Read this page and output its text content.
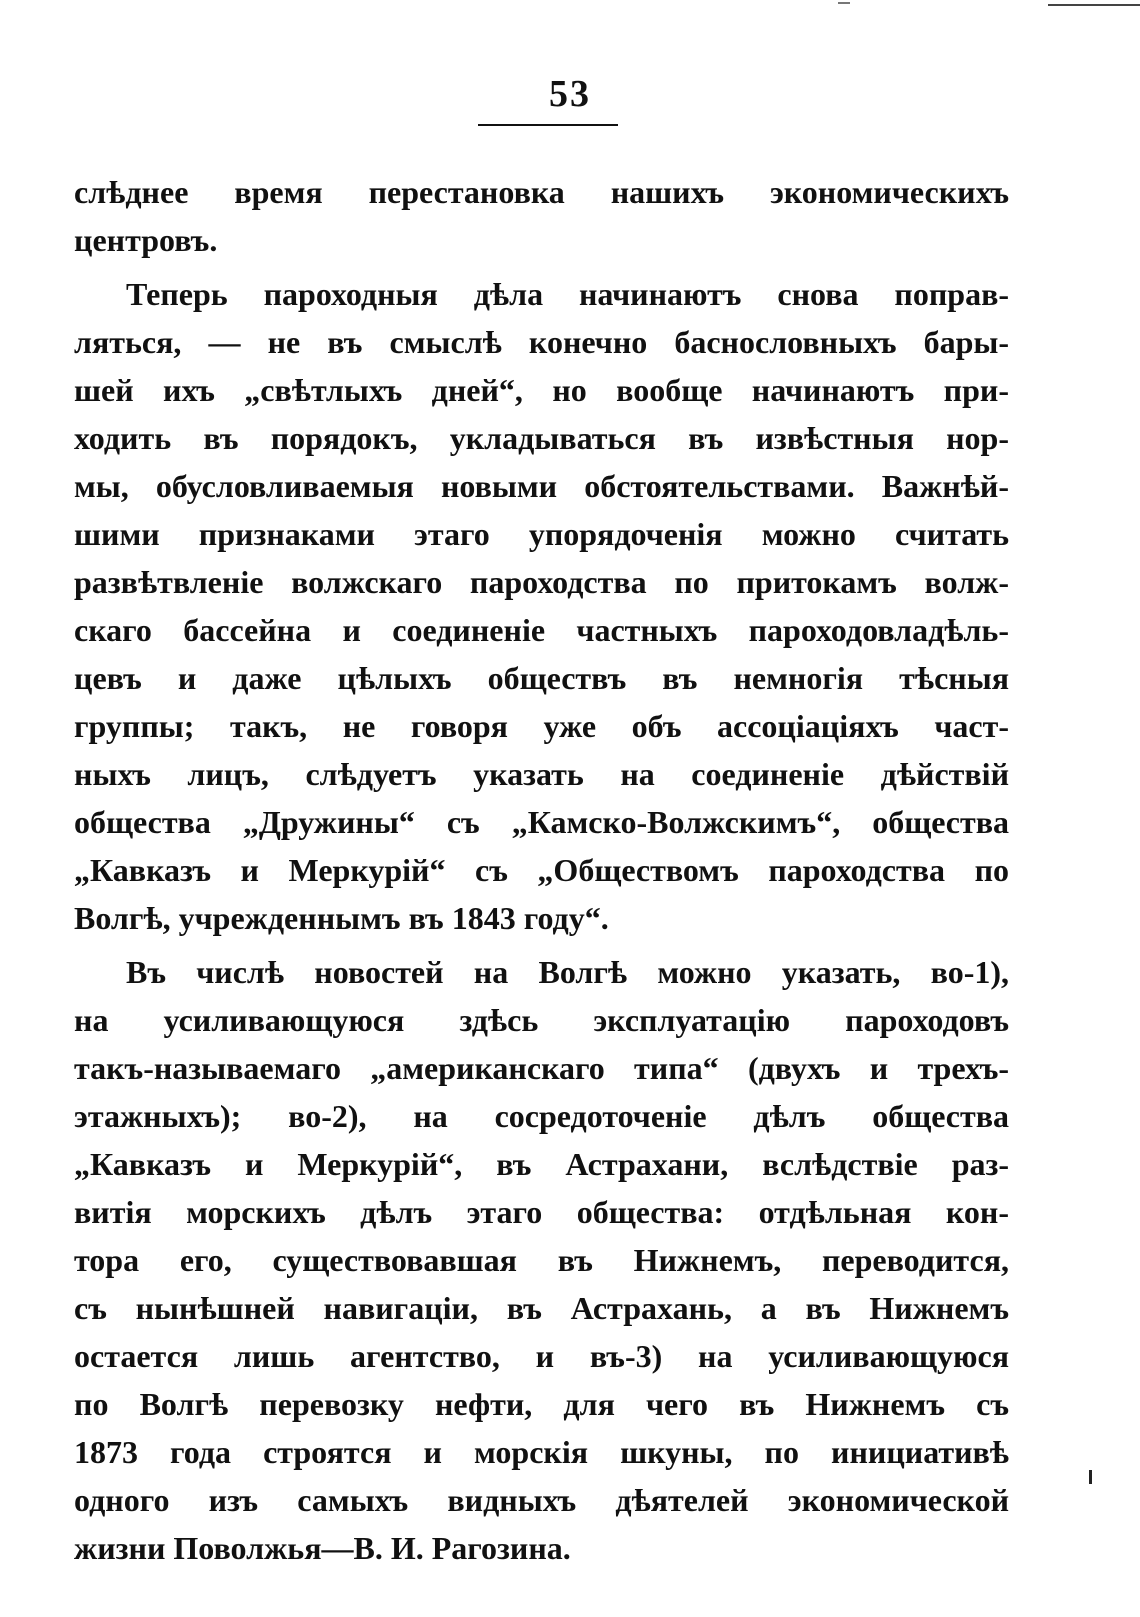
53
слѣднее время перестановка нашихъ экономическихъ
центровъ.
Теперь пароходныя дѣла начинаютъ снова поправ-
ляться, — не въ смыслѣ конечно баснословныхъ бары-
шей ихъ „свѣтлыхъ дней“, но вообще начинаютъ при-
ходить въ порядокъ, укладываться въ извѣстныя нор-
мы, обусловливаемыя новыми обстоятельствами. Важнѣй-
шими признаками этаго упорядоченія можно считать
развѣтвленіе волжскаго пароходства по притокамъ волж-
скаго бассейна и соединеніе частныхъ пароходовладѣль-
цевъ и даже цѣлыхъ обществъ въ немногія тѣсныя
группы; такъ, не говоря уже объ ассоціаціяхъ част-
ныхъ лицъ, слѣдуетъ указать на соединеніе дѣйствій
общества „Дружины“ съ „Камско-Волжскимъ“, общества
„Кавказъ и Меркурій“ съ „Обществомъ пароходства по
Волгѣ, учрежденнымъ въ 1843 году“.
Въ числѣ новостей на Волгѣ можно указать, во-1),
на усиливающуюся здѣсь эксплуатацію пароходовъ
такъ-называемаго „американскаго типа“ (двухъ и трехъ-
этажныхъ); во-2), на сосредоточеніе дѣлъ общества
„Кавказъ и Меркурій“, въ Астрахани, вслѣдствіе раз-
витія морскихъ дѣлъ этаго общества: отдѣльная кон-
тора его, существовавшая въ Нижнемъ, переводится,
съ нынѣшней навигаціи, въ Астрахань, а въ Нижнемъ
остается лишь агентство, и въ-3) на усиливающуюся
по Волгѣ перевозку нефти, для чего въ Нижнемъ съ
1873 года строятся и морскія шкуны, по инициативѣ
одного изъ самыхъ видныхъ дѣятелей экономической
жизни Поволжья—В. И. Рагозина.
